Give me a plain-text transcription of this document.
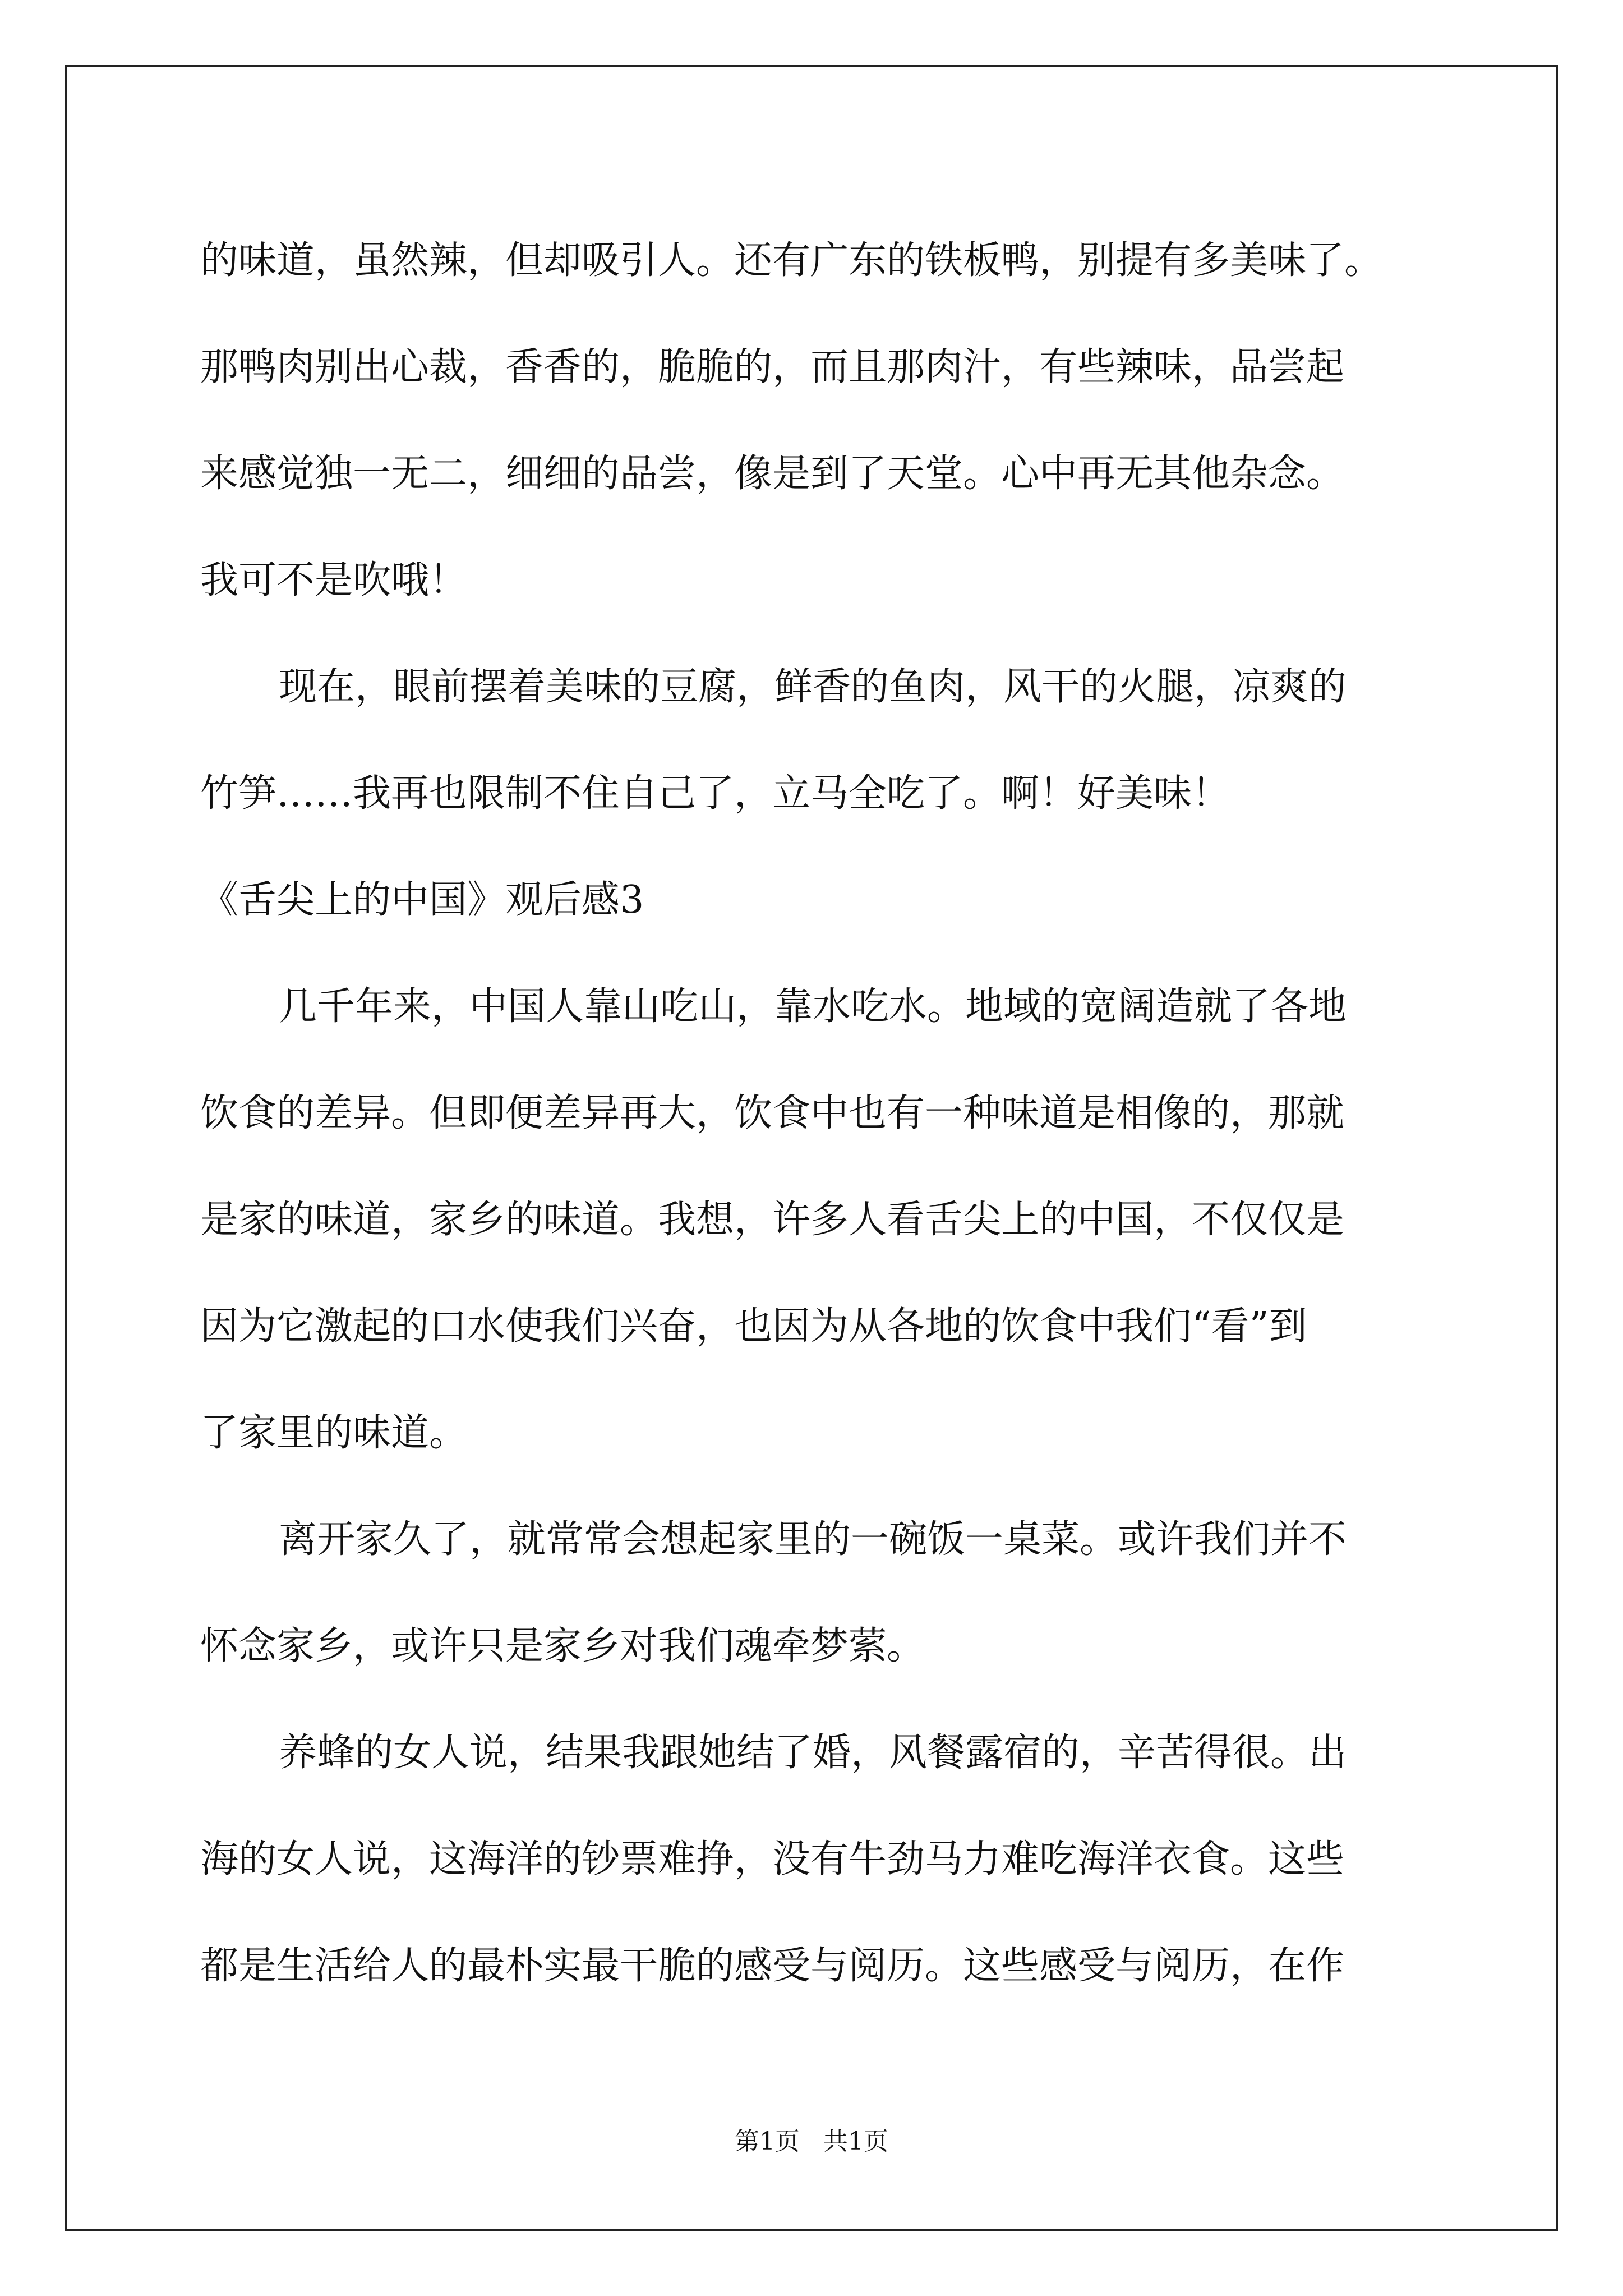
的味道，虽然辣，但却吸引人。还有广东的铁板鸭，别提有多美味了。
那鸭肉别出心裁，香香的，脆脆的，而且那肉汁，有些辣味，品尝起
来感觉独一无二，细细的品尝，像是到了天堂。心中再无其他杂念。
我可不是吹哦！
现在，眼前摆着美味的豆腐，鲜香的鱼肉，风干的火腿，凉爽的
竹笋……我再也限制不住自己了，立马全吃了。啊！好美味！
《舌尖上的中国》观后感3
几千年来，中国人靠山吃山，靠水吃水。地域的宽阔造就了各地
饮食的差异。但即便差异再大，饮食中也有一种味道是相像的，那就
是家的味道，家乡的味道。我想，许多人看舌尖上的中国，不仅仅是
因为它激起的口水使我们兴奋，也因为从各地的饮食中我们“看”到
了家里的味道。
离开家久了，就常常会想起家里的一碗饭一桌菜。或许我们并不
怀念家乡，或许只是家乡对我们魂牵梦萦。
养蜂的女人说，结果我跟她结了婚，风餐露宿的，辛苦得很。出
海的女人说，这海洋的钞票难挣，没有牛劲马力难吃海洋衣食。这些
都是生活给人的最朴实最干脆的感受与阅历。这些感受与阅历，在作
第1页   共1页
